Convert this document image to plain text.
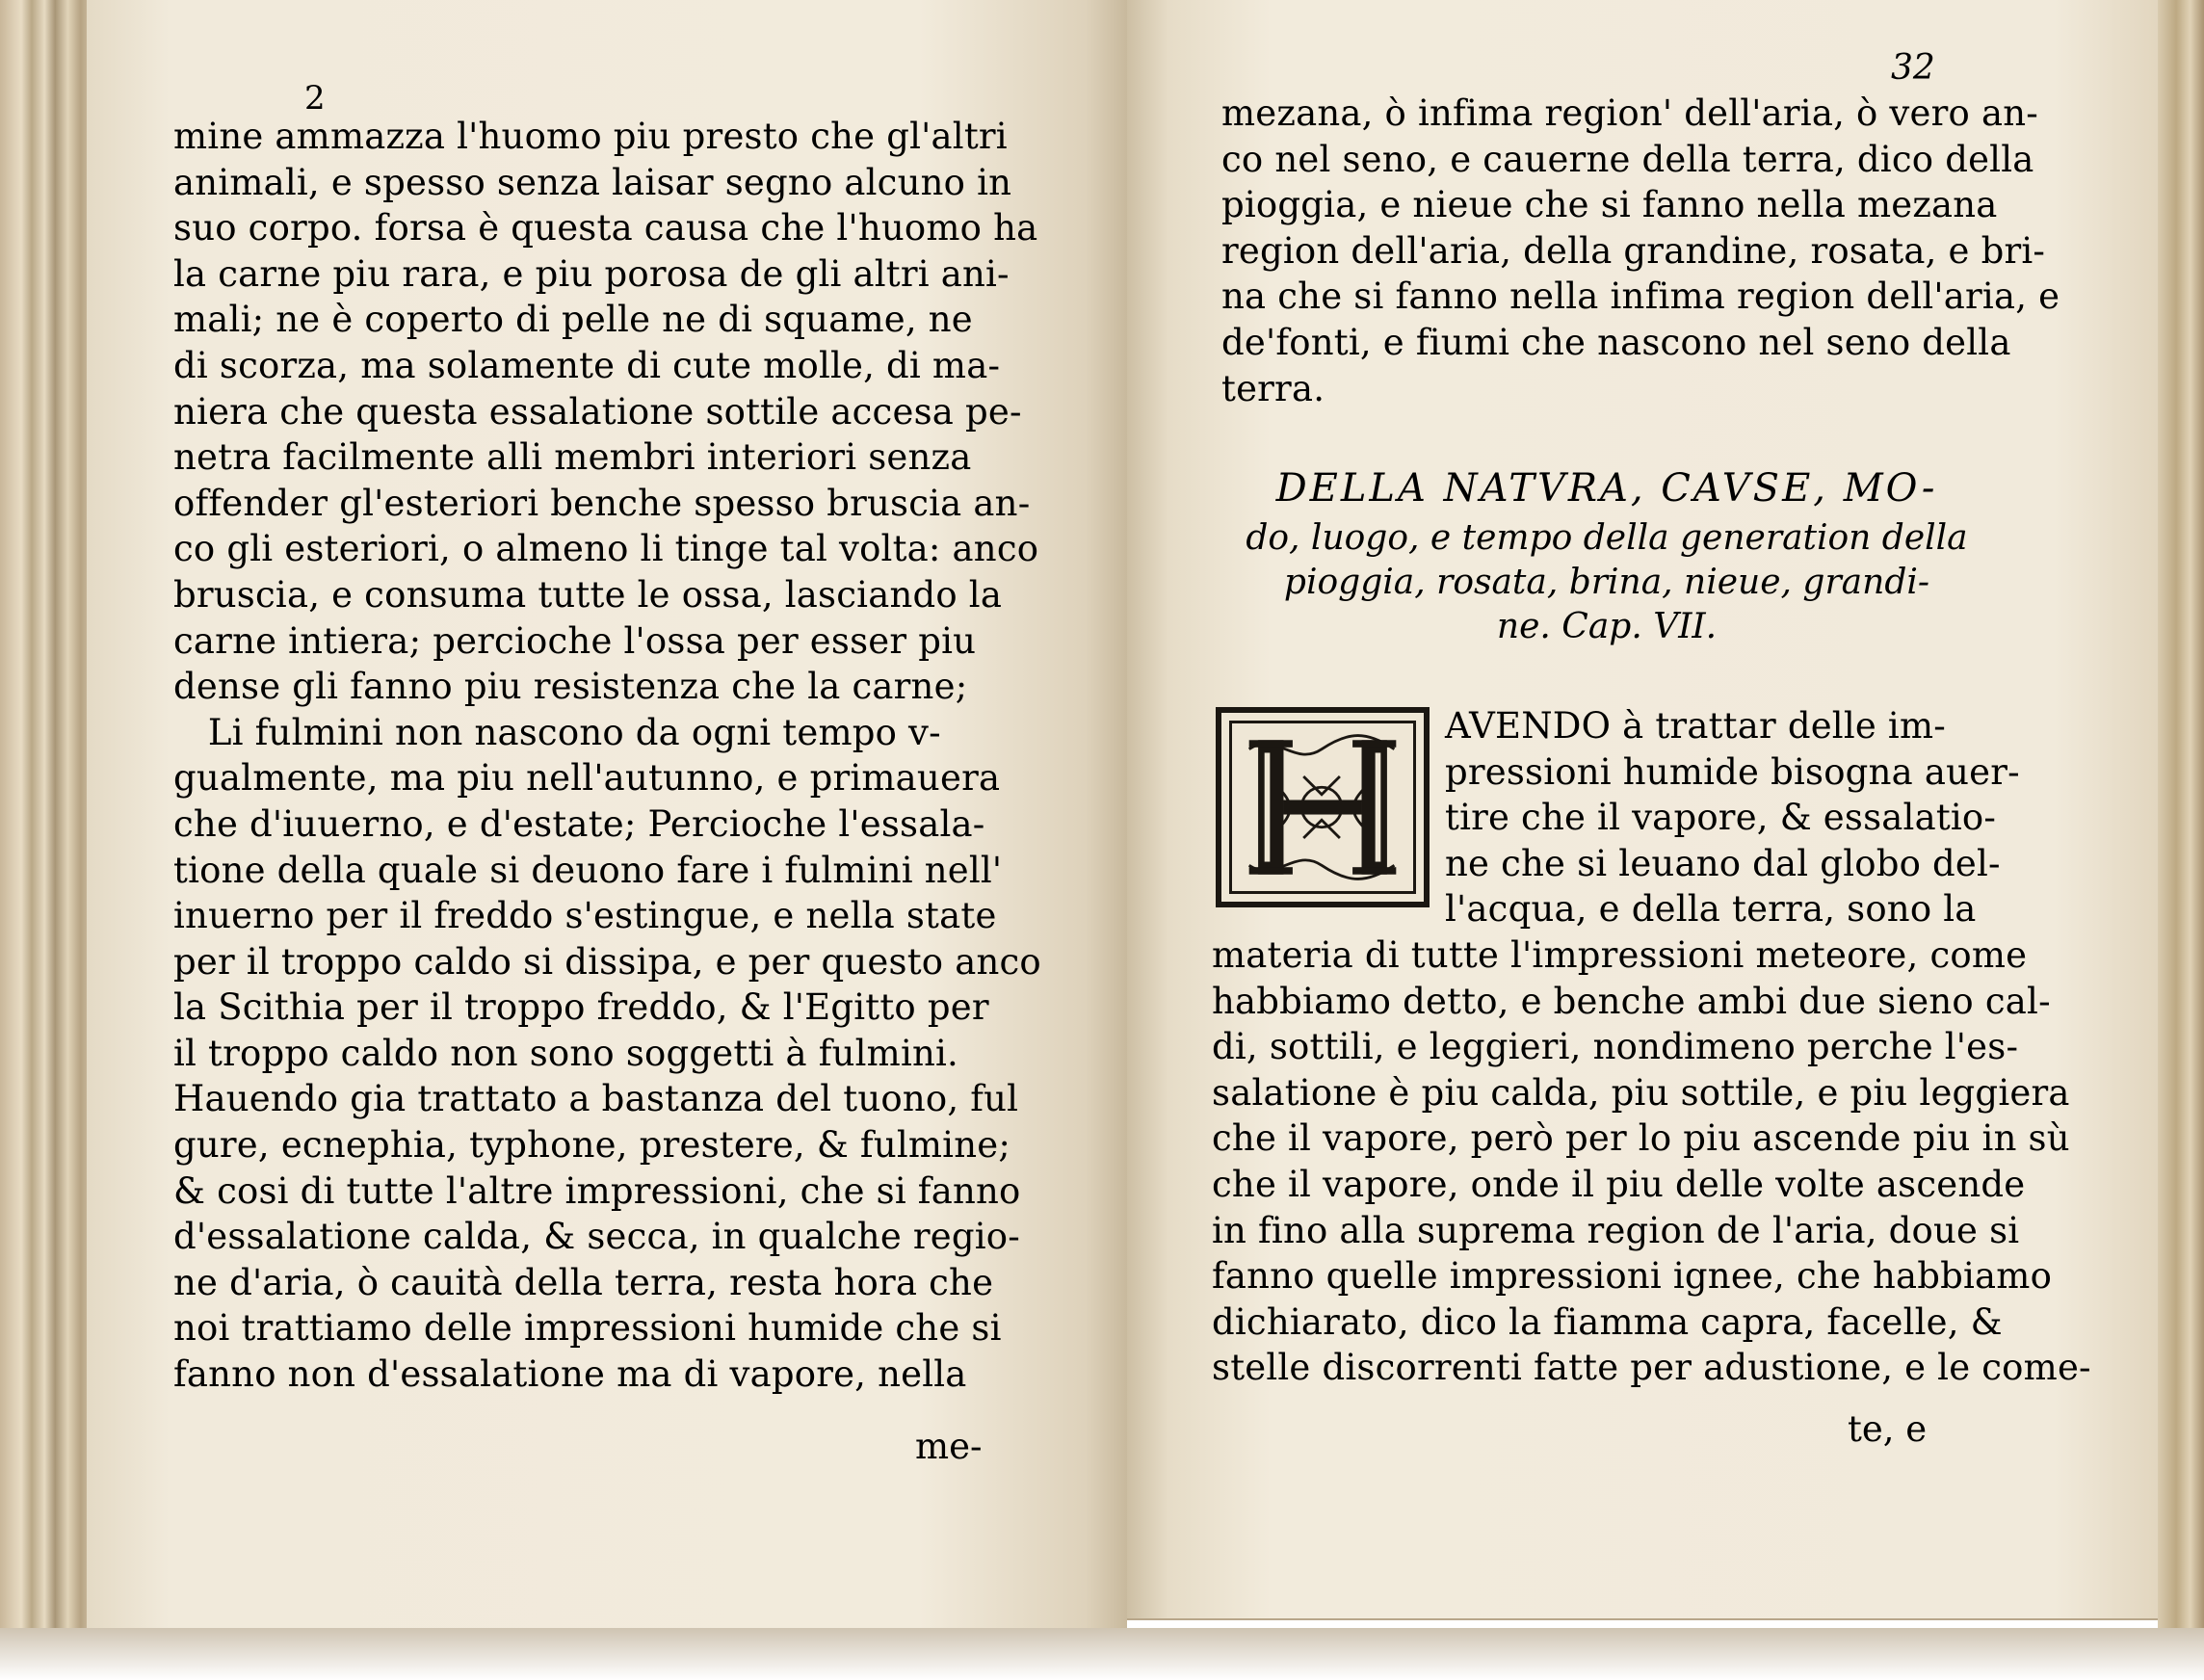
2
mine ammazza l'huomo piu presto che gl'altri
animali, e spesso senza laisar segno alcuno in
suo corpo. forsa è questa causa che l'huomo ha
la carne piu rara, e piu porosa de gli altri ani-
mali; ne è coperto di pelle ne di squame, ne
di scorza, ma solamente di cute molle, di ma-
niera che questa essalatione sottile accesa pe-
netra facilmente alli membri interiori senza
offender gl'esteriori benche spesso bruscia an-
co gli esteriori, o almeno li tinge tal volta: anco
bruscia, e consuma tutte le ossa, lasciando la
carne intiera; percioche l'ossa per esser piu
dense gli fanno piu resistenza che la carne;
Li fulmini non nascono da ogni tempo v-
gualmente, ma piu nell'autunno, e primauera
che d'iuuerno, e d'estate; Percioche l'essala-
tione della quale si deuono fare i fulmini nell'
inuerno per il freddo s'estingue, e nella state
per il troppo caldo si dissipa, e per questo anco
la Scithia per il troppo freddo, & l'Egitto per
il troppo caldo non sono soggetti à fulmini.
Hauendo gia trattato a bastanza del tuono, ful
gure, ecnephia, typhone, prestere, & fulmine;
& cosi di tutte l'altre impressioni, che si fanno
d'essalatione calda, & secca, in qualche regio-
ne d'aria, ò cauità della terra, resta hora che
noi trattiamo delle impressioni humide che si
fanno non d'essalatione ma di vapore, nella
me-
32
mezana, ò infima region' dell'aria, ò vero an-
co nel seno, e cauerne della terra, dico della
pioggia, e nieue che si fanno nella mezana
region dell'aria, della grandine, rosata, e bri-
na che si fanno nella infima region dell'aria, e
de'fonti, e fiumi che nascono nel seno della
terra.
DELLA NATVRA, CAVSE, MO-
do, luogo, e tempo della generation della
pioggia, rosata, brina, nieue, grandi-
ne. Cap. VII.
AVENDO à trattar delle im-
pressioni humide bisogna auer-
tire che il vapore, & essalatio-
ne che si leuano dal globo del-
l'acqua, e della terra, sono la
materia di tutte l'impressioni meteore, come
habbiamo detto, e benche ambi due sieno cal-
di, sottili, e leggieri, nondimeno perche l'es-
salatione è piu calda, piu sottile, e piu leggiera
che il vapore, però per lo piu ascende piu in sù
che il vapore, onde il piu delle volte ascende
in fino alla suprema region de l'aria, doue si
fanno quelle impressioni ignee, che habbiamo
dichiarato, dico la fiamma capra, facelle, &
stelle discorrenti fatte per adustione, e le come-
te, e
